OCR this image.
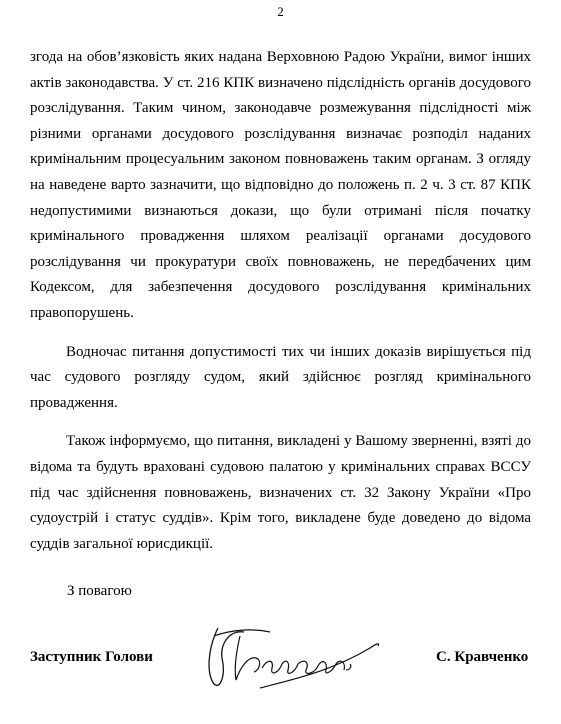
2

згода на обов’язковість яких надана Верховною Радою України, вимог інших актів законодавства. У ст. 216 КПК визначено підслідність органів досудового розслідування. Таким чином, законодавче розмежування підслідності між різними органами досудового розслідування визначає розподіл наданих кримінальним процесуальним законом повноважень таким органам. З огляду на наведене варто зазначити, що відповідно до положень п. 2 ч. 3 ст. 87 КПК недопустимими визнаються докази, що були отримані після початку кримінального провадження шляхом реалізації органами досудового розслідування чи прокуратури своїх повноважень, не передбачених цим Кодексом, для забезпечення досудового розслідування кримінальних правопорушень.

Водночас питання допустимості тих чи інших доказів вирішується під час судового розгляду судом, який здійснює розгляд кримінального провадження.

Також інформуємо, що питання, викладені у Вашому зверненні, взяті до відома та будуть враховані судовою палатою у кримінальних справах ВССУ під час здійснення повноважень, визначених ст. 32 Закону України «Про судоустрій і статус суддів». Крім того, викладене буде доведено до відома суддів загальної юрисдикції.

З повагою
Заступник Голови	С. Кравченко
